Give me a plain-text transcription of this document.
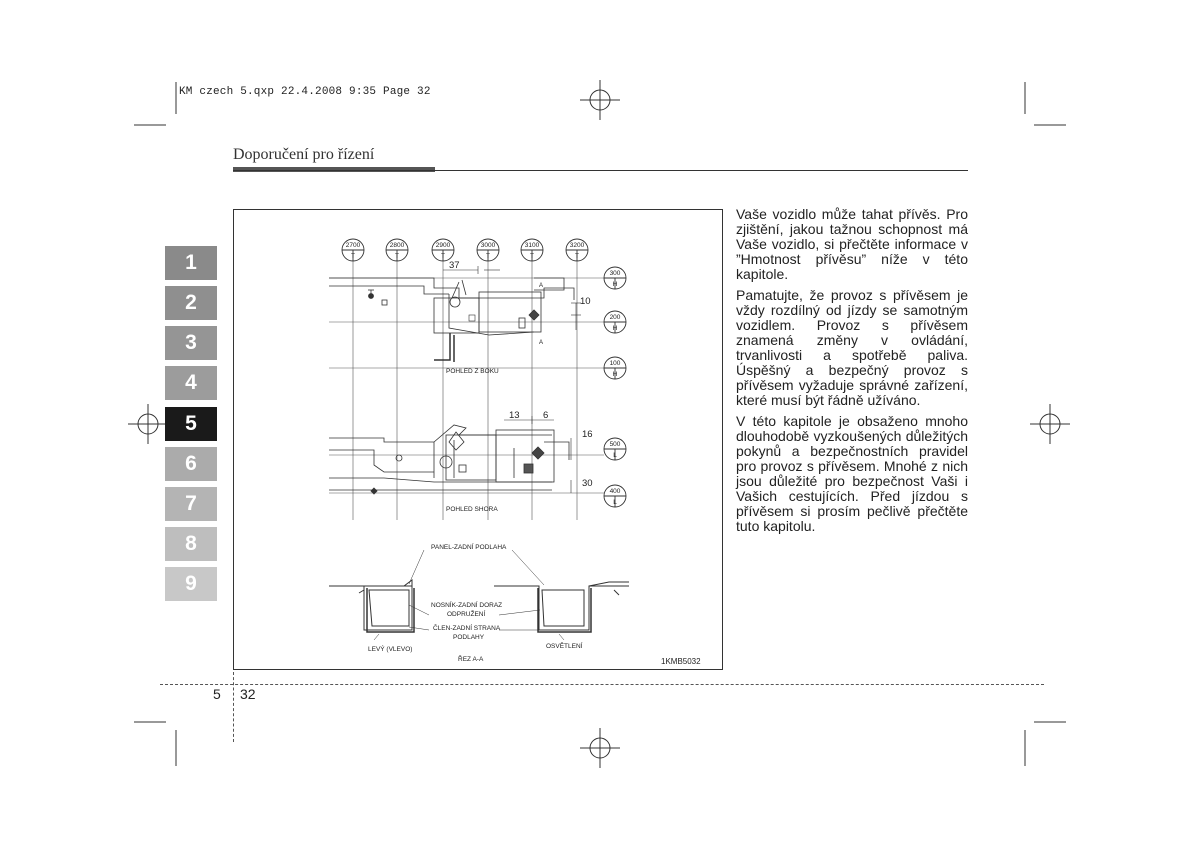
KM czech 5.qxp 22.4.2008 9:35 Page 32
Doporučení pro řízení
1
2
3
4
5
6
7
8
9
2700	2800	2900	3000	3100	3200
T	T	T	T	T	T
300
H
200
H
100
H
500
L
400
L
37
10
A
A
POHLED Z BOKU
13 6
16
30
POHLED SHORA
PANEL-ZADNÍ PODLAHA
NOSNÍK-ZADNÍ DORAZ
ODPRUŽENÍ
ČLEN-ZADNÍ STRANA
PODLAHY
LEVÝ (VLEVO)	OSVĚTLENÍ
ŘEZ A-A	1KMB5032

Vaše vozidlo může tahat přívěs. Pro zjištění, jakou tažnou schopnost má Vaše vozidlo, si přečtěte informace v ”Hmotnost přívěsu” níže v této kapitole.

Pamatujte, že provoz s přívěsem je vždy rozdílný od jízdy se samotným vozidlem. Provoz s přívěsem znamená změny v ovládání, trvanlivosti a spotřebě paliva. Úspěšný a bezpečný provoz s přívěsem vyžaduje správné zařízení, které musí být řádně užíváno.

V této kapitole je obsaženo mnoho dlouhodobě vyzkoušených důležitých pokynů a bezpečnostních pravidel pro provoz s přívěsem. Mnohé z nich jsou důležité pro bezpečnost Vaši i Vašich cestujících. Před jízdou s přívěsem si prosím pečlivě přečtěte tuto kapitolu.

5 32
